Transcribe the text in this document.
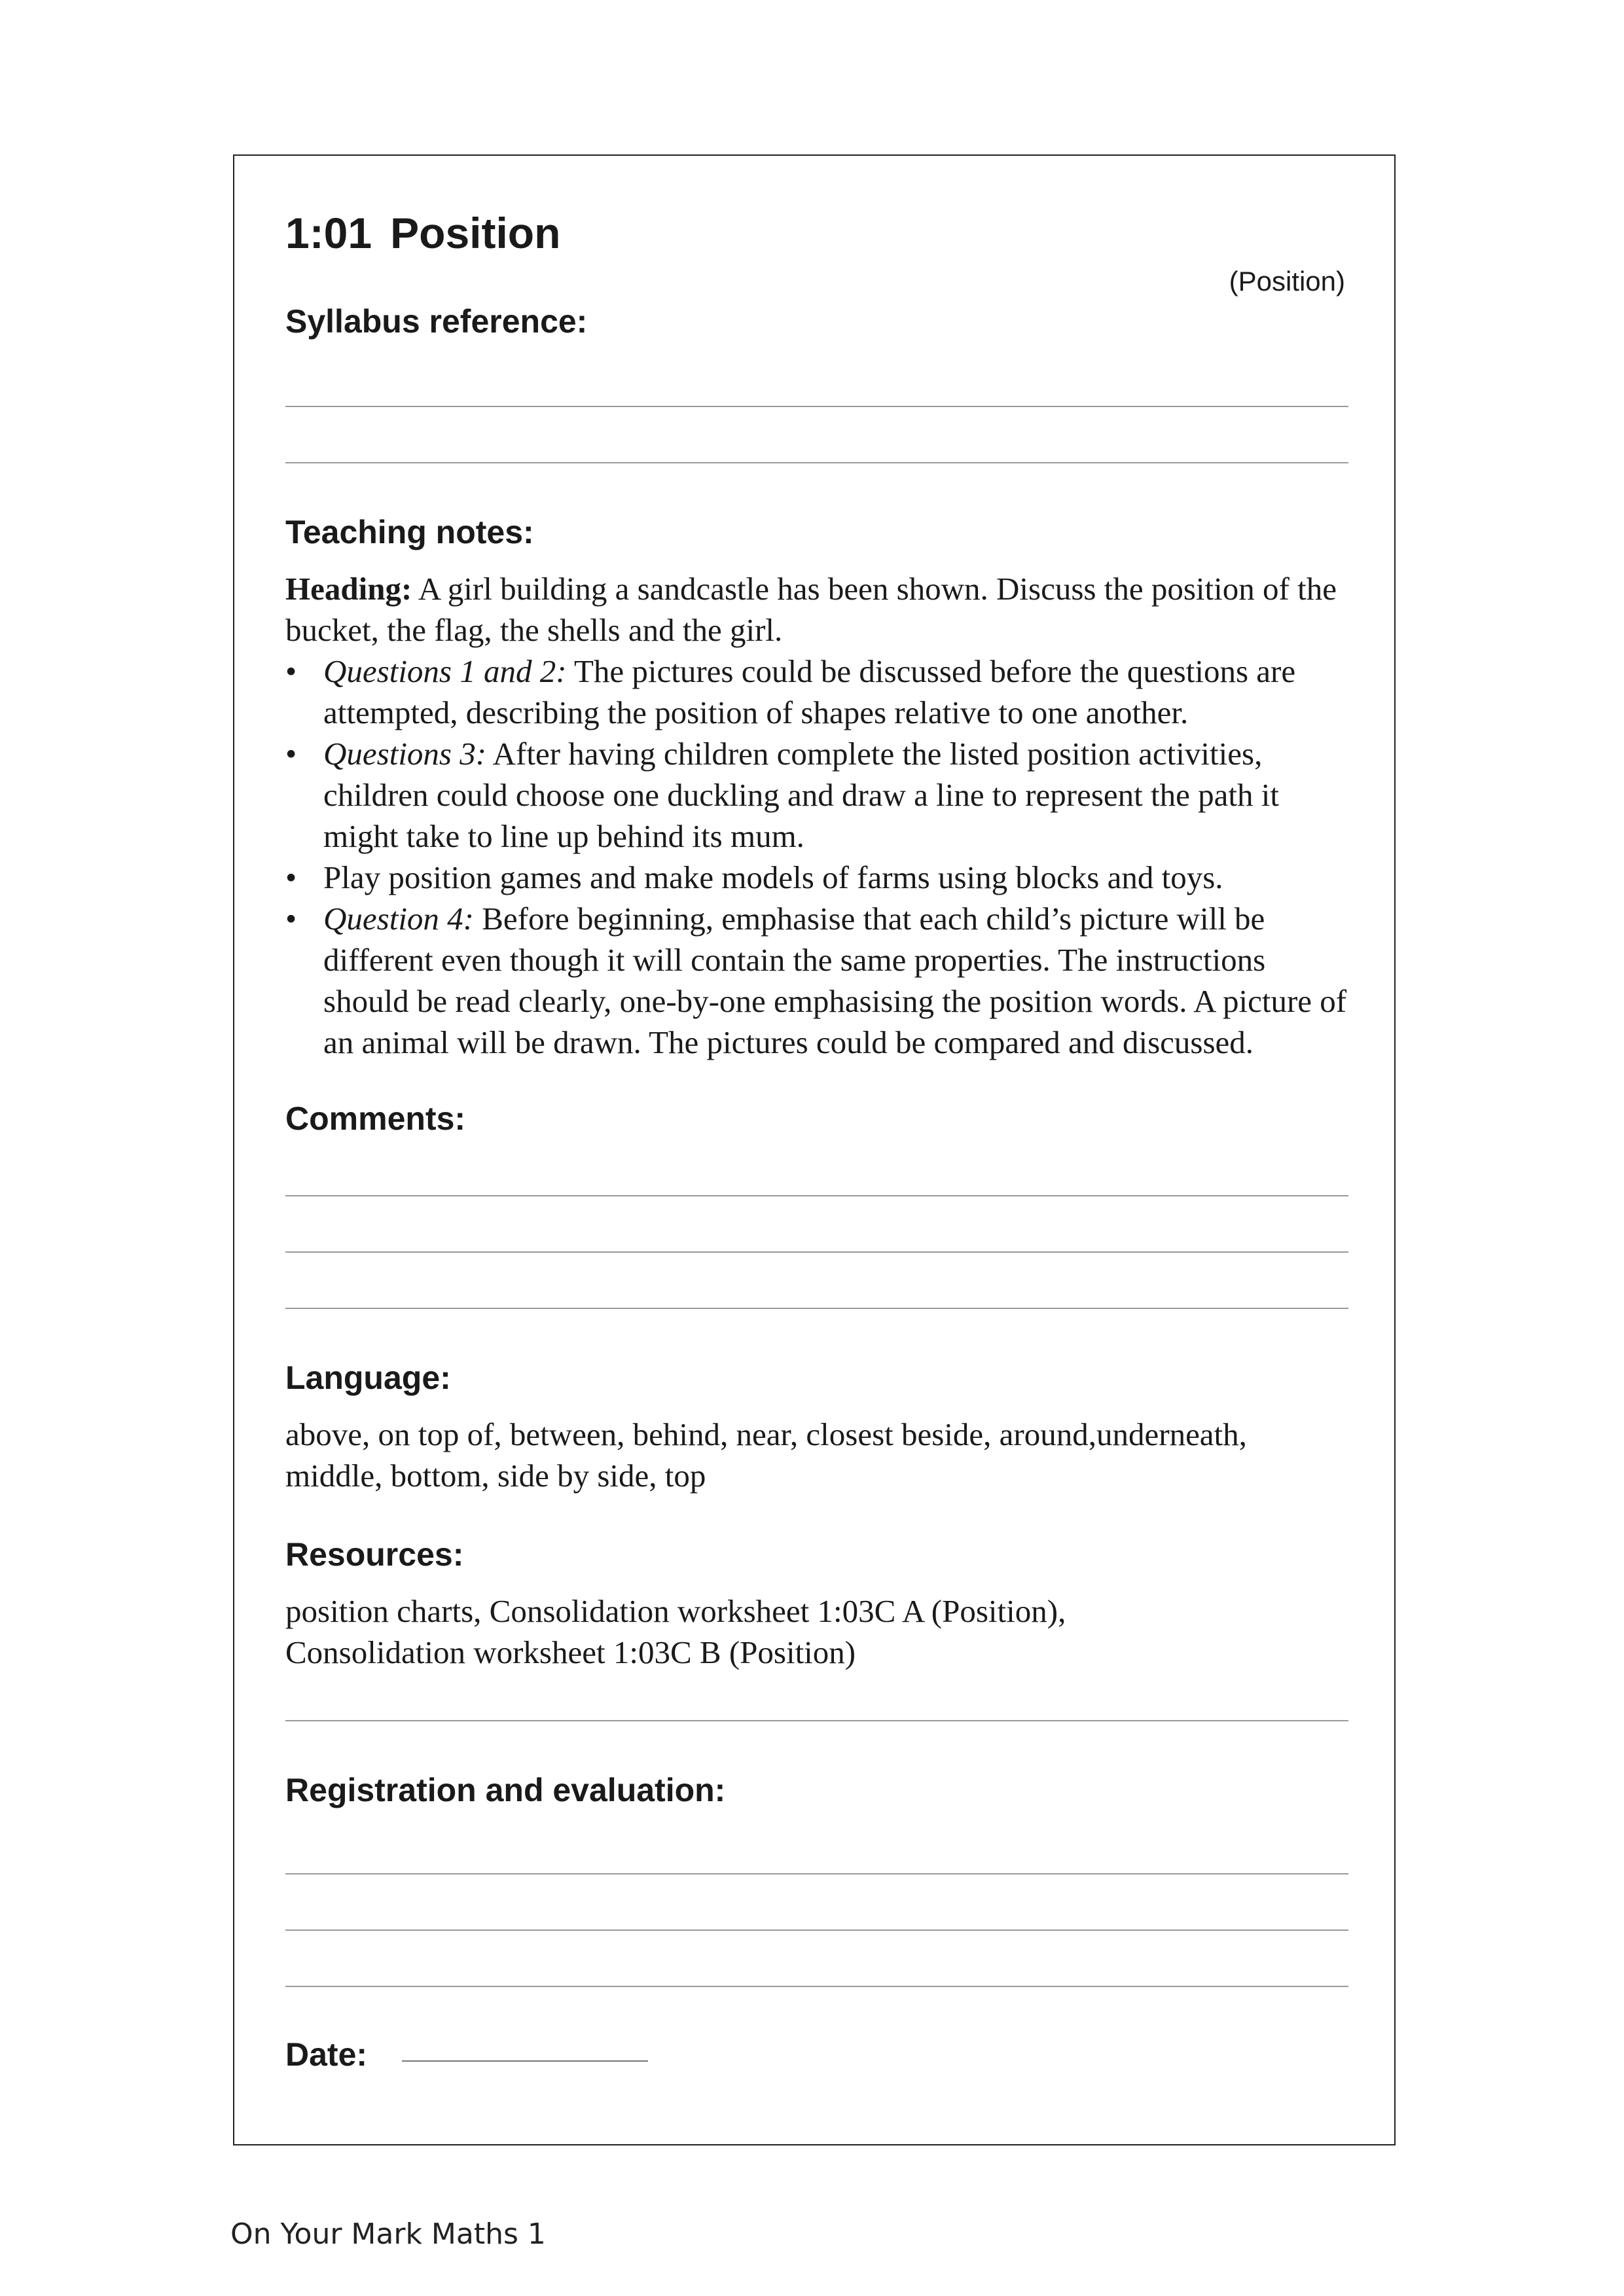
1:01 Position
(Position)
Syllabus reference:
Teaching notes:

Heading: A girl building a sandcastle has been shown. Discuss the position of the bucket, the flag, the shells and the girl.

• Questions 1 and 2: The pictures could be discussed before the questions are attempted, describing the position of shapes relative to one another.
• Questions 3: After having children complete the listed position activities, children could choose one duckling and draw a line to represent the path it might take to line up behind its mum.
• Play position games and make models of farms using blocks and toys.
• Question 4: Before beginning, emphasise that each child’s picture will be different even though it will contain the same properties. The instructions should be read clearly, one-by-one emphasising the position words. A picture of an animal will be drawn. The pictures could be compared and discussed.
Comments:
Language:
above, on top of, between, behind, near, closest beside, around,underneath, middle, bottom, side by side, top
Resources:

position charts, Consolidation worksheet 1:03C A (Position),

Consolidation worksheet 1:03C B (Position)

Registration and evaluation:
Date:
On Your Mark Maths 1
